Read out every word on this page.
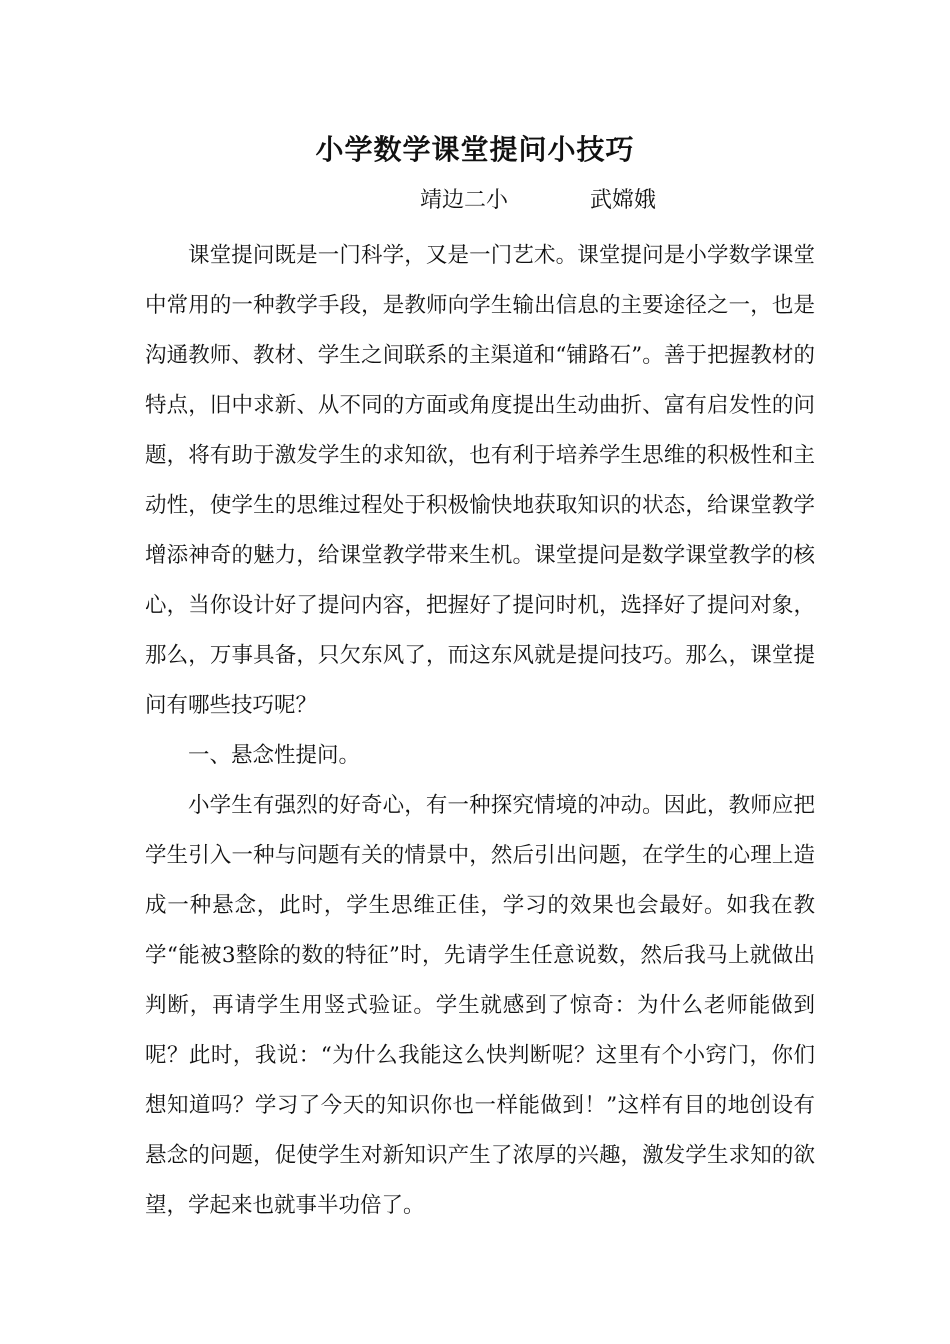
小学数学课堂提问小技巧
靖边二小	武嫦娥

课堂提问既是一门科学，又是一门艺术。课堂提问是小学数学课堂中常用的一种教学手段，是教师向学生输出信息的主要途径之一，也是沟通教师、教材、学生之间联系的主渠道和“铺路石”。善于把握教材的特点，旧中求新、从不同的方面或角度提出生动曲折、富有启发性的问题，将有助于激发学生的求知欲，也有利于培养学生思维的积极性和主动性，使学生的思维过程处于积极愉快地获取知识的状态，给课堂教学增添神奇的魅力，给课堂教学带来生机。课堂提问是数学课堂教学的核心，当你设计好了提问内容，把握好了提问时机，选择好了提问对象，那么，万事具备，只欠东风了，而这东风就是提问技巧。那么，课堂提问有哪些技巧呢？

一、悬念性提问。

小学生有强烈的好奇心，有一种探究情境的冲动。因此，教师应把学生引入一种与问题有关的情景中，然后引出问题，在学生的心理上造成一种悬念，此时，学生思维正佳，学习的效果也会最好。如我在教学“能被3整除的数的特征”时，先请学生任意说数，然后我马上就做出判断，再请学生用竖式验证。学生就感到了惊奇：为什么老师能做到呢？此时，我说：“为什么我能这么快判断呢？这里有个小窍门，你们想知道吗？学习了今天的知识你也一样能做到！”这样有目的地创设有悬念的问题，促使学生对新知识产生了浓厚的兴趣，激发学生求知的欲望，学起来也就事半功倍了。
